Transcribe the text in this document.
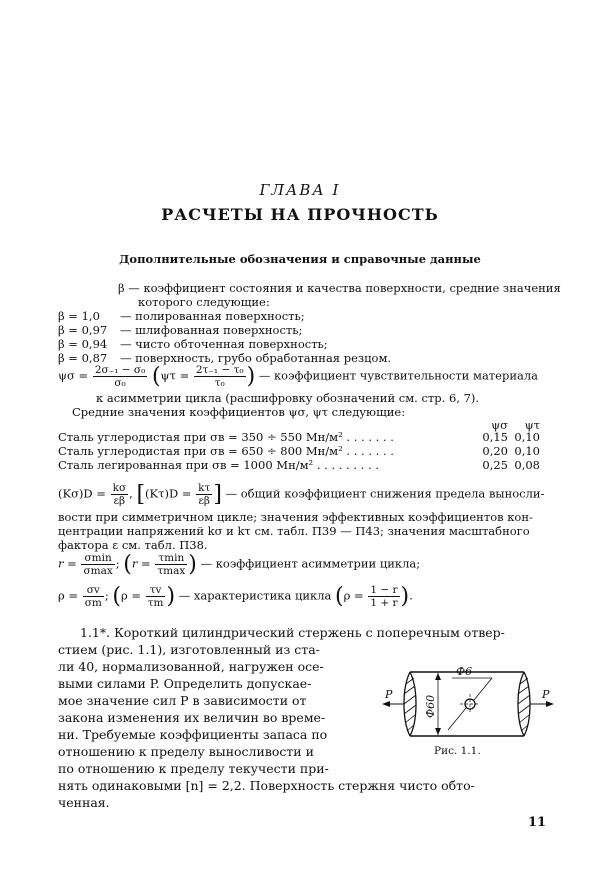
ГЛАВА I
РАСЧЕТЫ НА ПРОЧНОСТЬ
Дополнительные обозначения и справочные данные
β — коэффициент состояния и качества поверхности, средние значения
которого следующие:
β = 1,0 — полированная поверхность;
β = 0,97 — шлифованная поверхность;
β = 0,94 — чисто обточенная поверхность;
β = 0,87 — поверхность, грубо обработанная резцом.
$\psi\sigma = \frac{\text{2σ₋₁ − σ₀}}{\text{σ₀}} (\psi\tau = \frac{\text{2τ₋₁ − τ₀}}{\text{τ₀}}$ ) — коэффициент чувствительности материала
к асимметрии цикла (расшифровку обозначений см. стр. 6, 7).
Средние значения коэффициентов ψσ, ψτ следующие:
ψσ	ψτ
Сталь углеродистая при σв = 350 ÷ 550 Мн/м² . . . . . . .	0,15 0,10
Сталь углеродистая при σв = 650 ÷ 800 Мн/м² . . . . . . .	0,20 0,10
Сталь легированная при σв = 1000 Мн/м² . . . . . . . . .	0,25 0,08
$(K\sigma)D = \frac{k\sigma}{\varepsilon\beta}$ , [$(K\tau)D = \frac{k\tau}{\varepsilon\beta}$ ] — общий коэффициент снижения предела выносли-
вости при симметричном цикле; значения эффективных коэффициентов кон-
центрации напряжений kσ и kτ см. табл. П39 — П43; значения масштабного
фактора ε см. табл. П38.
$r = \frac{\sigma\min}{\sigma\max}$ ; ($r = \frac{\tau\min}{\tau\max}$ ) — коэффициент асимметрии цикла;
$\rho = \frac{\sigma v}{\sigma m}$ ; ($\rho = \frac{\tau v}{\tau m}$ ) — характеристика цикла ($\rho = \frac{1 - r}{1 + r}$ ).
1.1*. Короткий цилиндрический стержень с поперечным отвер-
стием (рис. 1.1), изготовленный из ста-
ли 40, нормализованной, нагружен осе-
выми силами P. Определить допускае-
мое значение сил P в зависимости от
закона изменения их величин во време-
ни. Требуемые коэффициенты запаса по
отношению к пределу выносливости и
по отношению к пределу текучести при-
нять одинаковыми [n] = 2,2. Поверхность стержня чисто обто-
ченная.
Ф6
Ф60
P	P
Рис. 1.1.
11
